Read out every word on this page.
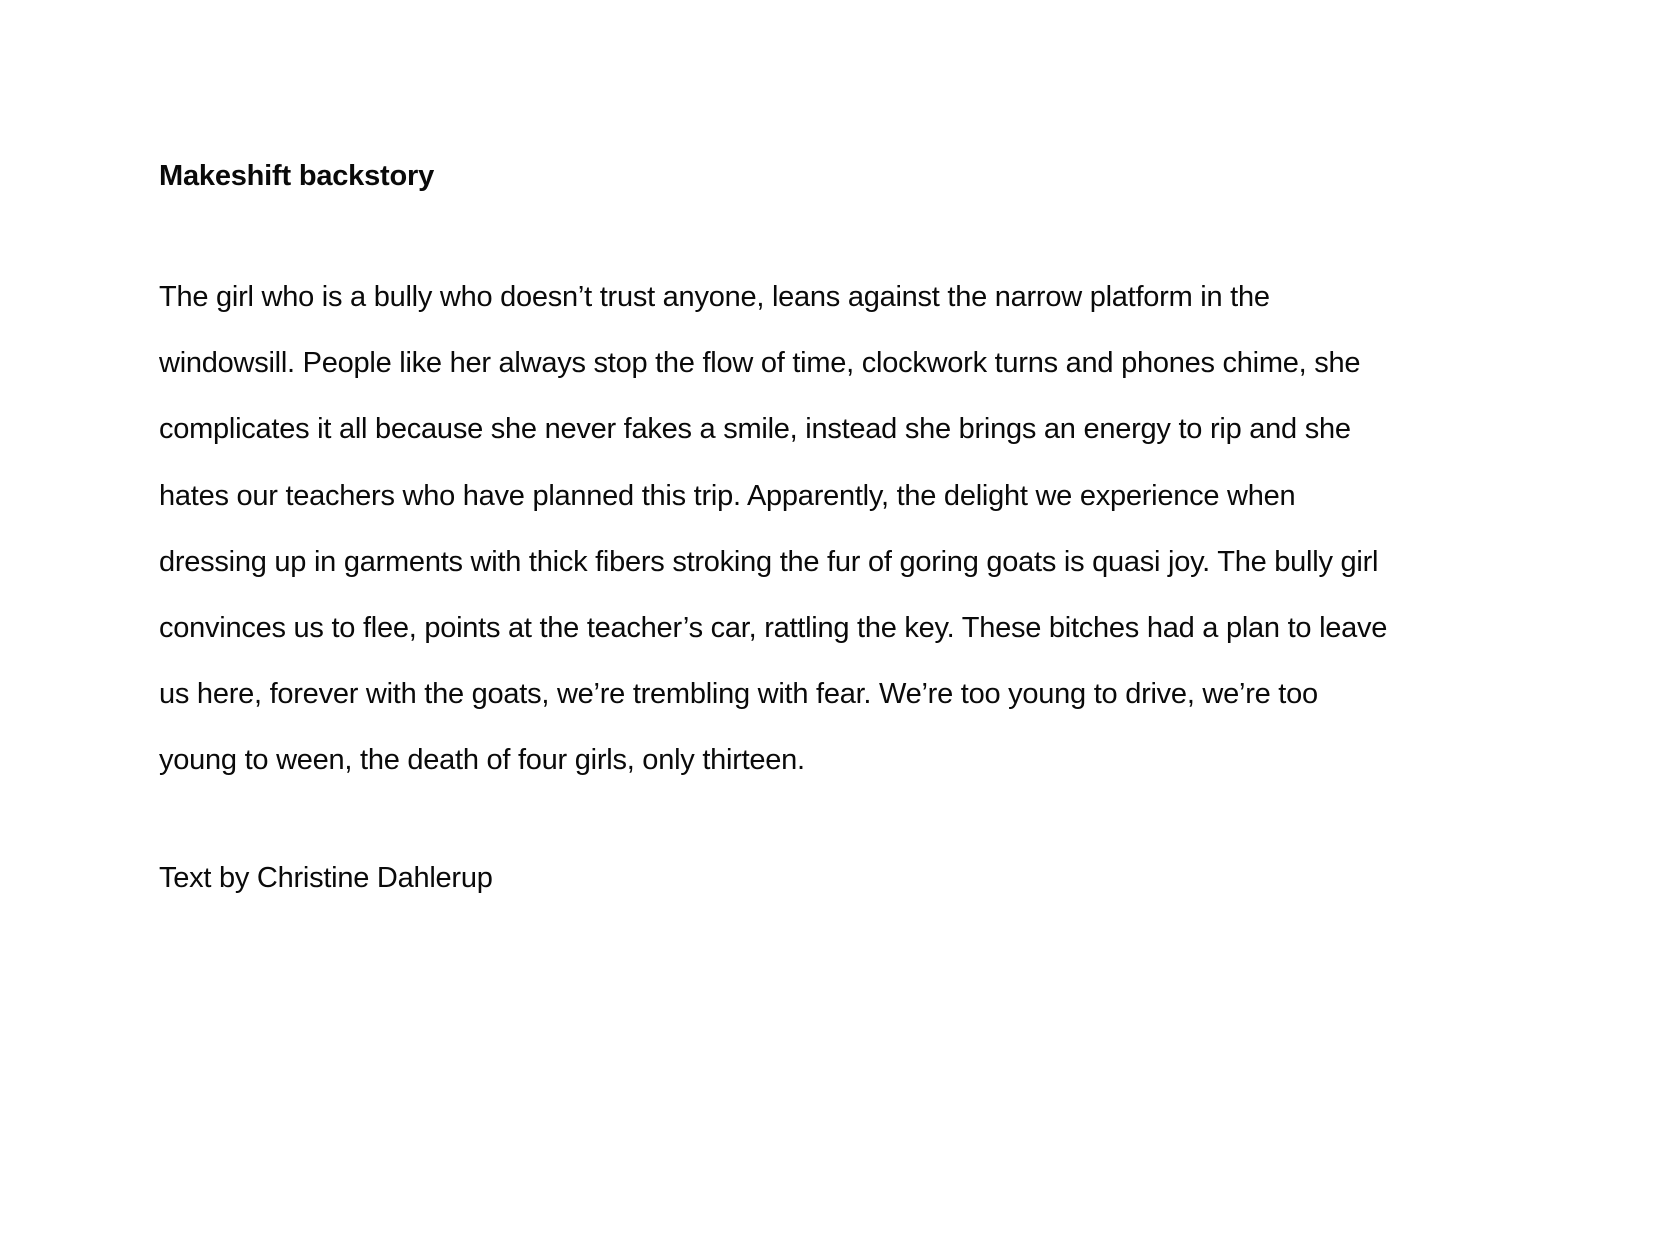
Makeshift backstory

The girl who is a bully who doesn’t trust anyone, leans against the narrow platform in the
windowsill. People like her always stop the flow of time, clockwork turns and phones chime, she
complicates it all because she never fakes a smile, instead she brings an energy to rip and she
hates our teachers who have planned this trip. Apparently, the delight we experience when
dressing up in garments with thick fibers stroking the fur of goring goats is quasi joy. The bully girl
convinces us to flee, points at the teacher’s car, rattling the key. These bitches had a plan to leave
us here, forever with the goats, we’re trembling with fear. We’re too young to drive, we’re too
young to ween, the death of four girls, only thirteen.

Text by Christine Dahlerup
